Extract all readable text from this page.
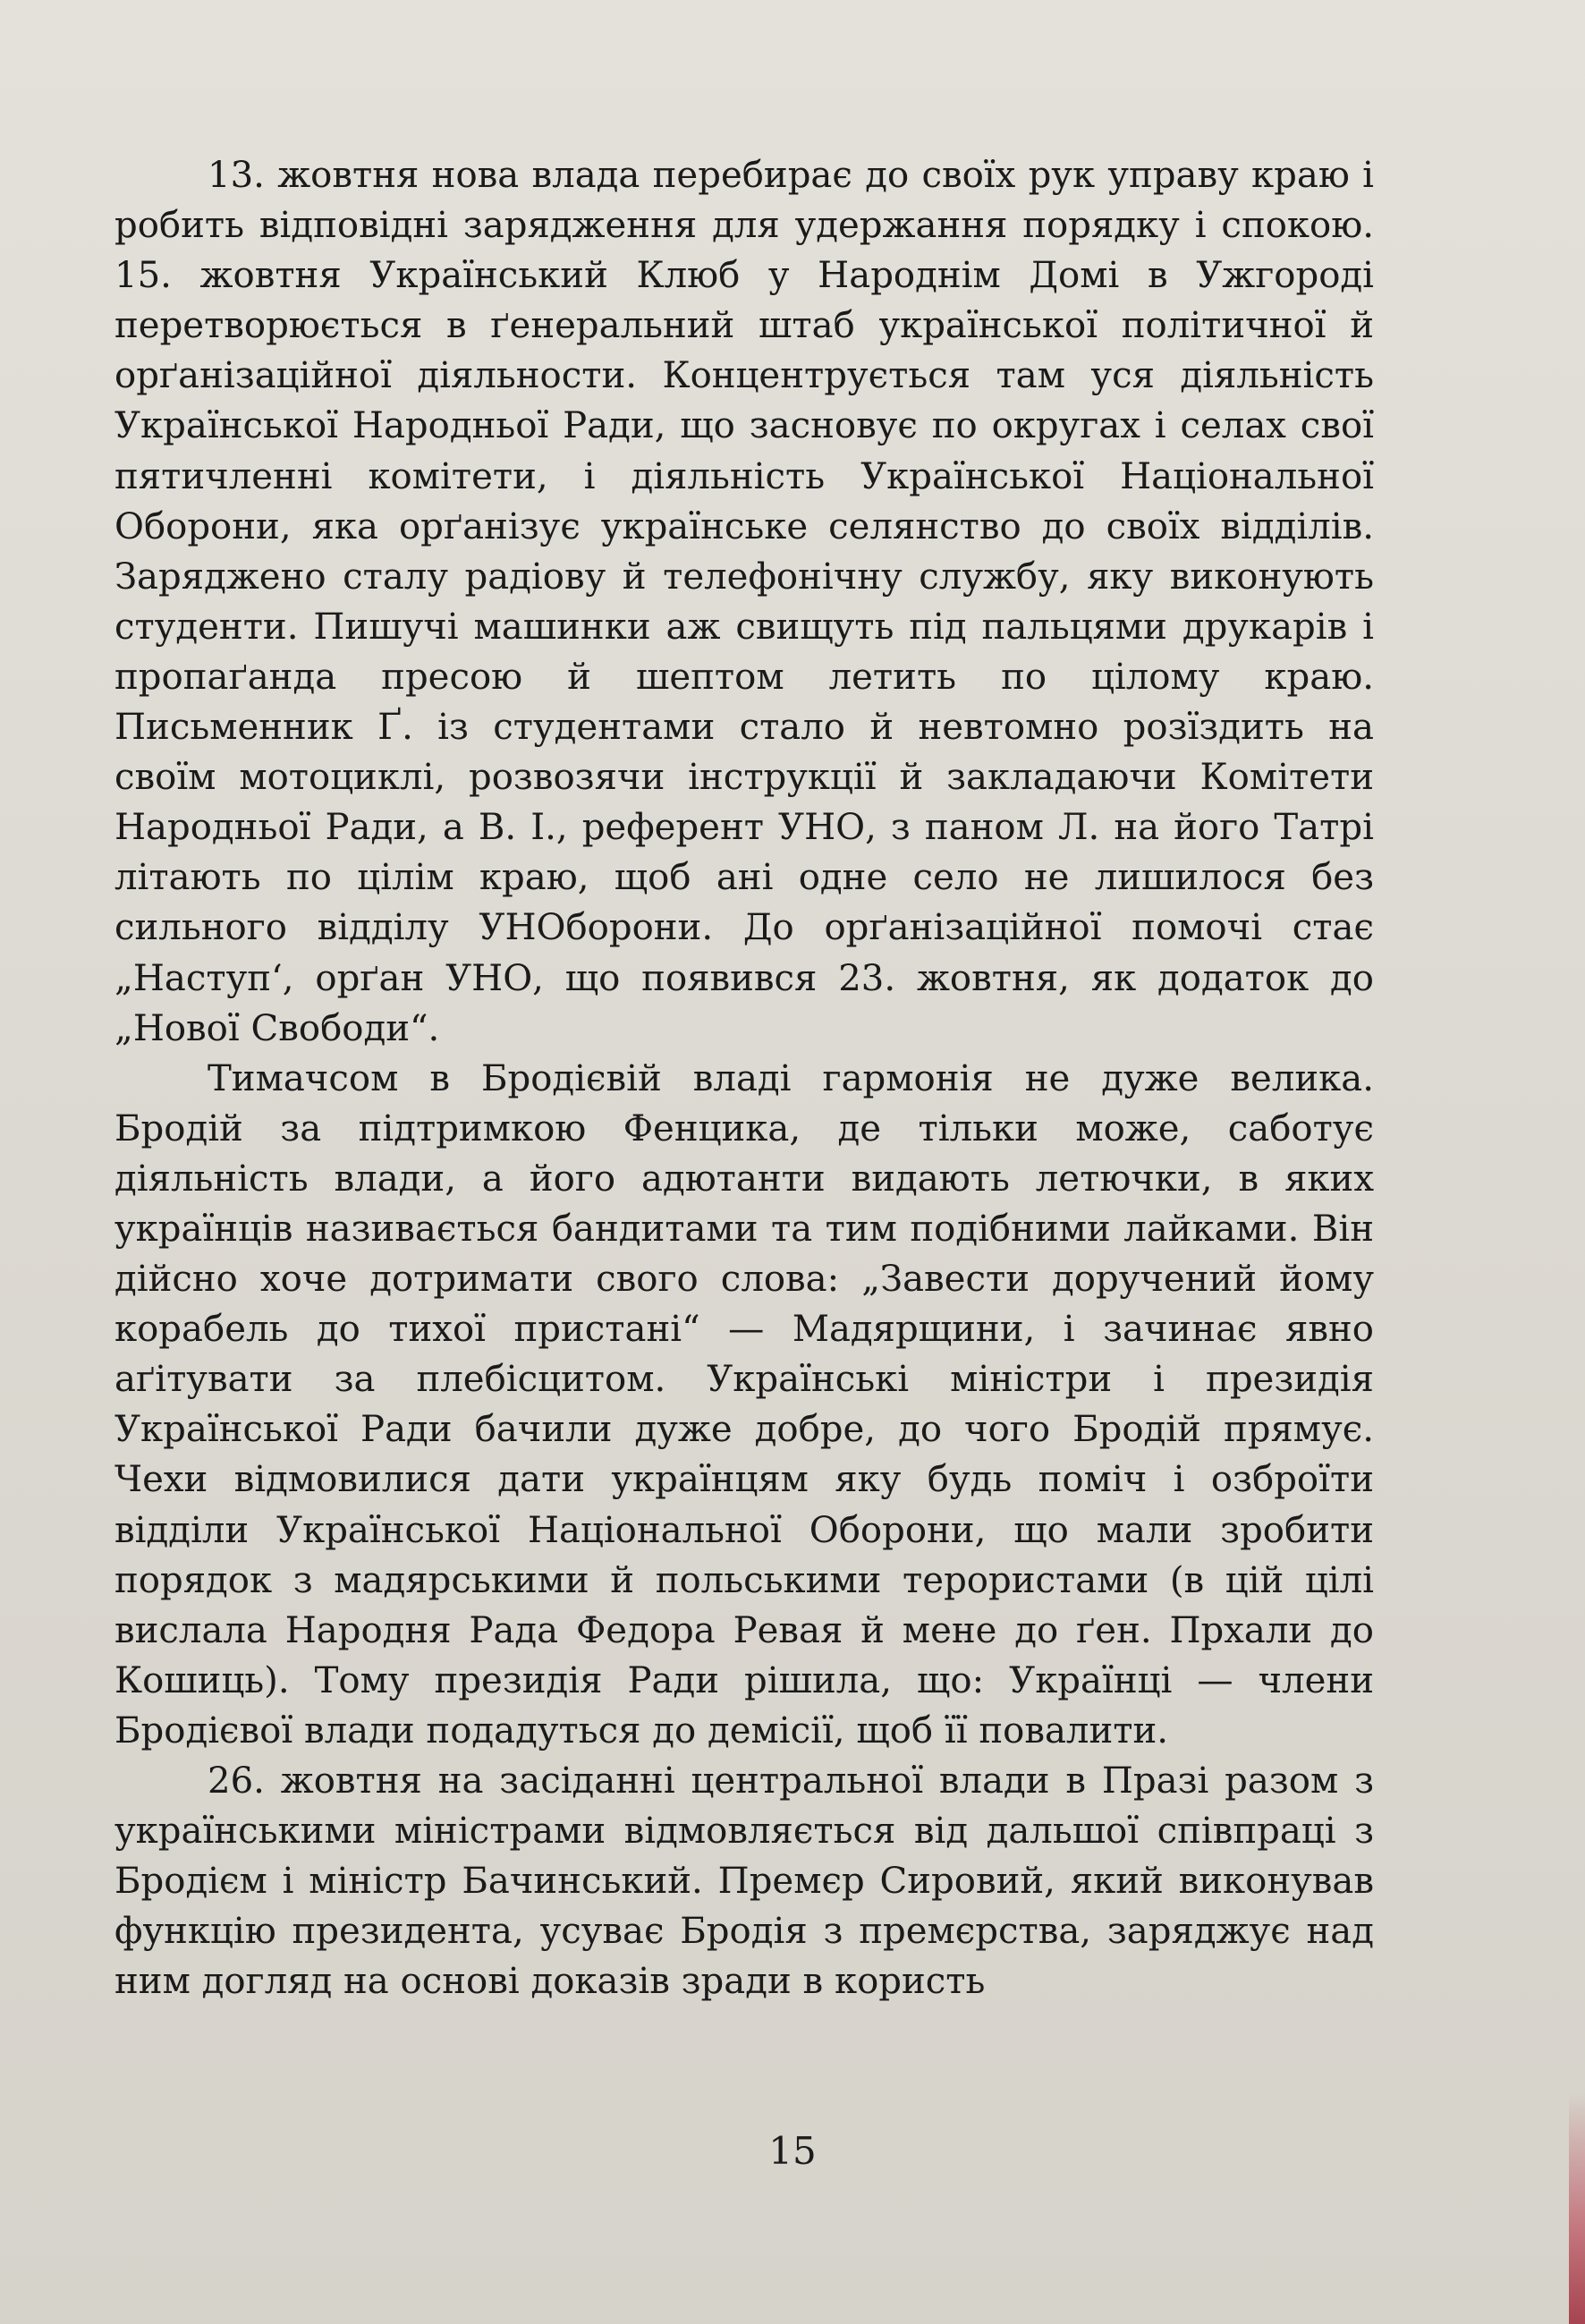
13. жовтня нова влада перебирає до своїх рук управу краю і робить відповідні зарядження для удержання порядку і спокою. 15. жовтня Український Клюб у Народнім Домі в Ужгороді перетворюється в ґенеральний штаб української політичної й орґанізаційної діяльности. Концентрується там уся діяльність Української Народньої Ради, що засновує по округах і селах свої пятичленні комітети, і діяльність Української Національної Оборони, яка орґанізує українське селянство до своїх відділів. Заряджено сталу радіову й телефонічну службу, яку виконують студенти. Пишучі машинки аж свищуть під пальцями друкарів і пропаґанда пресою й шептом летить по цілому краю. Письменник Ґ. із студентами стало й невтомно розїздить на своїм мотоциклі, розвозячи інструкції й закладаючи Комітети Народньої Ради, а В. І., референт УНО, з паном Л. на його Татрі літають по цілім краю, щоб ані одне село не лишилося без сильного відділу УНОборони. До орґанізаційної помочі стає „Наступ‘, орґан УНО, що появився 23. жовтня, як додаток до „Нової Свободи“.

Тимачсом в Бродієвій владі гармонія не дуже велика. Бродій за підтримкою Фенцика, де тільки може, саботує діяльність влади, а його адютанти видають летючки, в яких українців називається бандитами та тим подібними лайками. Він дійсно хоче дотримати свого слова: „Завести доручений йому корабель до тихої пристані“ — Мадярщини, і зачинає явно аґітувати за плебісцитом. Українські міністри і президія Української Ради бачили дуже добре, до чого Бродій прямує. Чехи відмовилися дати українцям яку будь поміч і озброїти відділи Української Національної Оборони, що мали зробити порядок з мадярськими й польськими терористами (в цій цілі вислала Народня Рада Федора Ревая й мене до ґен. Прхали до Кошиць). Тому президія Ради рішила, що: Українці — члени Бродієвої влади подадуться до демісії, щоб її повалити.

26. жовтня на засіданні центральної влади в Празі разом з українськими міністрами відмовляється від дальшої співпраці з Бродієм і міністр Бачинський. Премєр Сировий, який виконував функцію президента, усуває Бродія з премєрства, заряджує над ним догляд на основі доказів зради в користь

15
